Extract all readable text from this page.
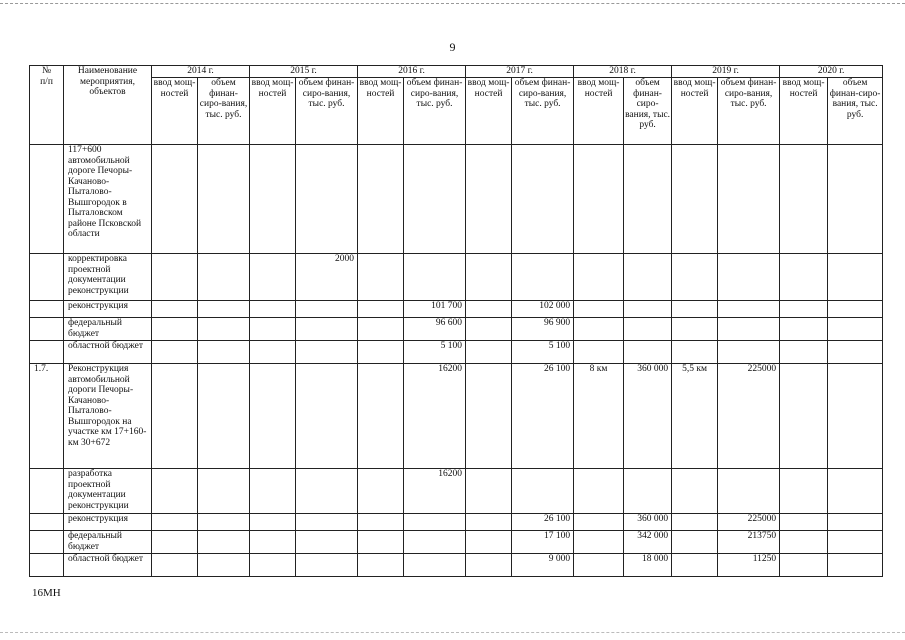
9
№
п/п	Наименование мероприятия, объектов	2014 г.		2015 г.		2016 г.		2017 г.		2018 г.		2019 г.		2020 г.	
		ввод мощ-ностей	объем финан-сиро-вания, тыс. руб.	ввод мощ-ностей	объем финан-сиро-вания, тыс. руб.	ввод мощ-ностей	объем финан-сиро-вания, тыс. руб.	ввод мощ-ностей	объем финан-сиро-вания, тыс. руб.	ввод мощ-ностей	объем финан-сиро-вания, тыс. руб.	ввод мощ-ностей	объем финан-сиро-вания, тыс. руб.	ввод мощ-ностей	объем финан-сиро-вания, тыс. руб.
	117+600 автомобильной дороге Печоры-Качаново-Пыталово-Вышгородок в Пыталовском районе Псковской области														
	корректировка проектной документации реконструкции				2000										
	реконструкция						101 700		102 000						
	федеральный бюджет						96 600		96 900						
	областной бюджет						5 100		5 100						
1.7.	Реконструкция автомобильной дороги Печоры-Качаново-Пыталово-Вышгородок на участке км 17+160-км 30+672						16200		26 100	8 км	360 000	5,5 км	225000		
	разработка проектной документации реконструкции						16200								
	реконструкция								26 100		360 000		225000		
	федеральный бюджет								17 100		342 000		213750		
	областной бюджет								9 000		18 000		11250		
16МН
